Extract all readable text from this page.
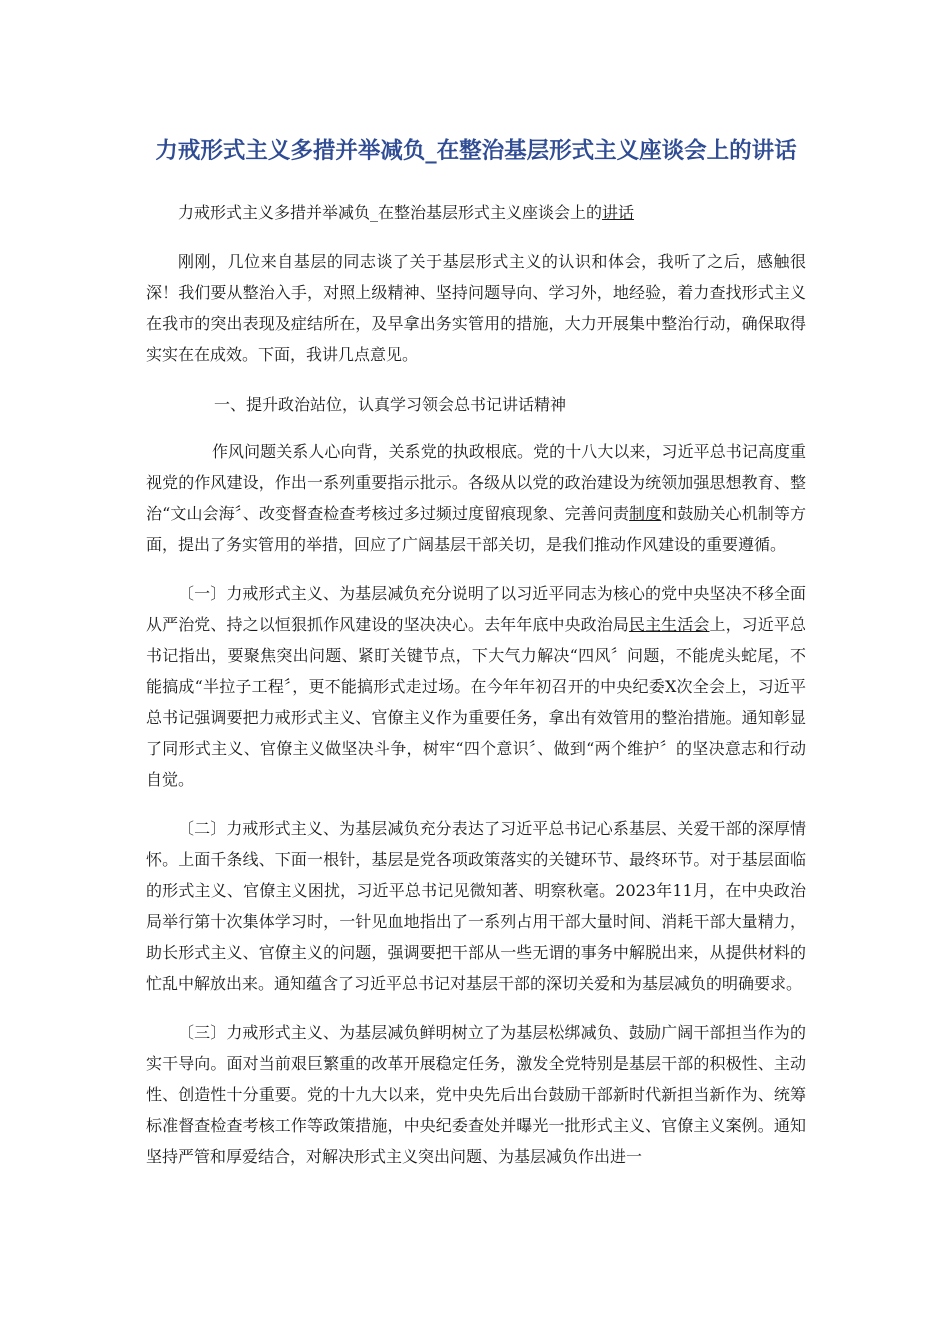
力戒形式主义多措并举减负_在整治基层形式主义座谈会上的讲话

力戒形式主义多措并举减负_在整治基层形式主义座谈会上的讲话

刚刚，几位来自基层的同志谈了关于基层形式主义的认识和体会，我听了之后，感触很深！我们要从整治入手，对照上级精神、坚持问题导向、学习外，地经验，着力查找形式主义在我市的突出表现及症结所在，及早拿出务实管用的措施，大力开展集中整治行动，确保取得实实在在成效。下面，我讲几点意见。

一、提升政治站位，认真学习领会总书记讲话精神

作风问题关系人心向背，关系党的执政根底。党的十八大以来，习近平总书记高度重视党的作风建设，作出一系列重要指示批示。各级从以党的政治建设为统领加强思想教育、整治“文山会海〞、改变督查检查考核过多过频过度留痕现象、完善问责制度和鼓励关心机制等方面，提出了务实管用的举措，回应了广阔基层干部关切，是我们推动作风建设的重要遵循。

〔一〕力戒形式主义、为基层减负充分说明了以习近平同志为核心的党中央坚决不移全面从严治党、持之以恒狠抓作风建设的坚决决心。去年年底中央政治局民主生活会上，习近平总书记指出，要聚焦突出问题、紧盯关键节点，下大气力解决“四风〞问题，不能虎头蛇尾，不能搞成“半拉子工程〞，更不能搞形式走过场。在今年年初召开的中央纪委X次全会上，习近平总书记强调要把力戒形式主义、官僚主义作为重要任务，拿出有效管用的整治措施。通知彰显了同形式主义、官僚主义做坚决斗争，树牢“四个意识〞、做到“两个维护〞的坚决意志和行动自觉。

〔二〕力戒形式主义、为基层减负充分表达了习近平总书记心系基层、关爱干部的深厚情怀。上面千条线、下面一根针，基层是党各项政策落实的关键环节、最终环节。对于基层面临的形式主义、官僚主义困扰，习近平总书记见微知著、明察秋毫。2023年11月，在中央政治局举行第十次集体学习时，一针见血地指出了一系列占用干部大量时间、消耗干部大量精力，助长形式主义、官僚主义的问题，强调要把干部从一些无谓的事务中解脱出来，从提供材料的忙乱中解放出来。通知蕴含了习近平总书记对基层干部的深切关爱和为基层减负的明确要求。

〔三〕力戒形式主义、为基层减负鲜明树立了为基层松绑减负、鼓励广阔干部担当作为的实干导向。面对当前艰巨繁重的改革开展稳定任务，激发全党特别是基层干部的积极性、主动性、创造性十分重要。党的十九大以来，党中央先后出台鼓励干部新时代新担当新作为、统筹标准督查检查考核工作等政策措施，中央纪委查处并曝光一批形式主义、官僚主义案例。通知坚持严管和厚爱结合，对解决形式主义突出问题、为基层减负作出进一
